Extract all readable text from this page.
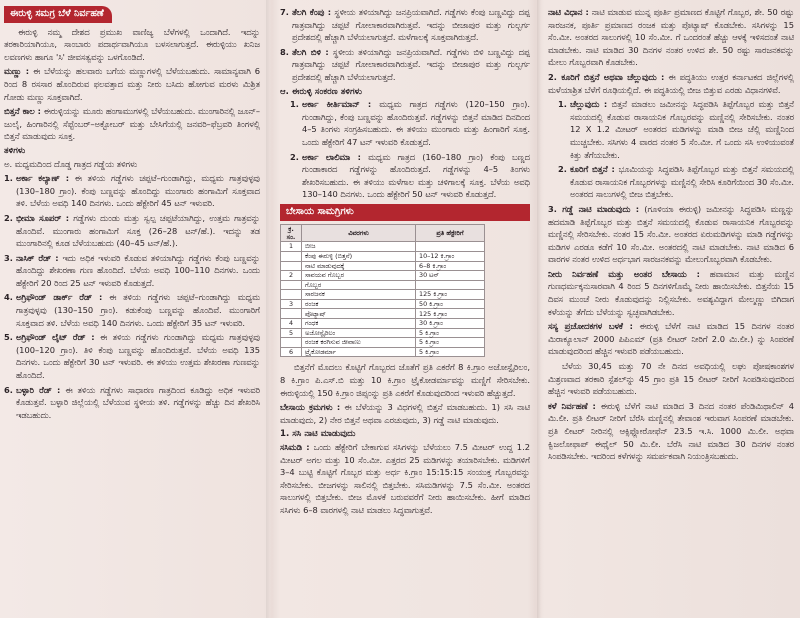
ಈರುಳ್ಳಿ ಸಮಗ್ರ ಬೆಳೆ ನಿರ್ವಹಣೆ

ಈರುಳ್ಳಿ ನಮ್ಮ ದೇಶದ ಪ್ರಮುಖ ವಾಣಿಜ್ಯ ಬೆಳೆಗಳಲ್ಲಿ ಒಂದಾಗಿದೆ. ಇದನ್ನು ತರಕಾರಿಯಾಗಿಯೂ, ಸಾಂಬಾರು ಪದಾರ್ಥವಾಗಿಯೂ ಬಳಸಲಾಗುತ್ತದೆ. ಈರುಳ್ಳಿಯು ಖನಿಜ ಲವಣಗಳು ಹಾಗೂ 'ಸಿ' ಜೀವಸತ್ವವನ್ನು ಒಳಗೊಂಡಿದೆ.

ಮಣ್ಣು : ಈ ಬೆಳೆಯನ್ನು ಹಲವಾರು ಬಗೆಯ ಮಣ್ಣುಗಳಲ್ಲಿ ಬೆಳೆಯಬಹುದು. ಸಾಮಾನ್ಯವಾಗಿ 6 ರಿಂದ 8 ರಸಸಾರ ಹೊಂದಿರುವ ಫಲವತ್ತಾದ ಮತ್ತು ನೀರು ಬಸಿದು ಹೋಗುವ ಮರಳು ಮಿಶ್ರಿತ ಗೋಡು ಮಣ್ಣು ಸೂಕ್ತವಾಗಿದೆ.

ಬಿತ್ತನೆ ಕಾಲ : ಈರುಳ್ಳಿಯನ್ನು ಮೂರು ಹಂಗಾಮುಗಳಲ್ಲಿ ಬೆಳೆಯಬಹುದು. ಮುಂಗಾರಿನಲ್ಲಿ ಜೂನ್–ಜುಲೈ, ಹಿಂಗಾರಿನಲ್ಲಿ ಸೆಪ್ಟೆಂಬರ್–ಅಕ್ಟೋಬರ್ ಮತ್ತು ಬೇಸಿಗೆಯಲ್ಲಿ ಜನವರಿ–ಫೆಬ್ರವರಿ ತಿಂಗಳಲ್ಲಿ ಬಿತ್ತನೆ ಮಾಡುವುದು ಸೂಕ್ತ.

ತಳಿಗಳು

ಅ. ಮಧ್ಯಮದಿಂದ ದೊಡ್ಡ ಗಾತ್ರದ ಗಡ್ಡೆಯ ತಳಿಗಳು

1. ಅರ್ಕಾ ಕಲ್ಯಾಣ್ : ಈ ತಳಿಯ ಗಡ್ಡೆಗಳು ಚಪ್ಪಟೆ–ಗುಂಡಾಗಿದ್ದು, ಮಧ್ಯಮ ಗಾತ್ರವುಳ್ಳವು (130–180 ಗ್ರಾಂ). ಕೆಂಪು ಬಣ್ಣವನ್ನು ಹೊಂದಿದ್ದು ಮುಂಗಾರು ಹಂಗಾಮಿಗೆ ಸೂಕ್ತವಾದ ತಳಿ. ಬೆಳೆಯ ಅವಧಿ 140 ದಿನಗಳು. ಒಂದು ಹೆಕ್ಟೇರಿಗೆ 45 ಟನ್ ಇಳುವರಿ.
2. ಭೀಮಾ ಸೂಪರ್ : ಗಡ್ಡೆಗಳು ದುಂಡು ಮತ್ತು ಸ್ವಲ್ಪ ಚಪ್ಪಟೆಯಾಗಿದ್ದು, ಉತ್ತಮ ಗಾತ್ರವನ್ನು ಹೊಂದಿವೆ. ಮುಂಗಾರು ಹಂಗಾಮಿಗೆ ಸೂಕ್ತ (26–28 ಟನ್/ಹೆ.). ಇದನ್ನು ತಡ ಮುಂಗಾರಿನಲ್ಲಿ ಕೂಡ ಬೆಳೆಯಬಹುದು (40–45 ಟನ್/ಹೆ.).
3. ನಾಸಿಕ್ ರೆಡ್ : ಇದು ಅಧಿಕ ಇಳುವರಿ ಕೊಡುವ ತಳಿಯಾಗಿದ್ದು ಗಡ್ಡೆಗಳು ಕೆಂಪು ಬಣ್ಣವನ್ನು ಹೊಂದಿದ್ದು ಶೇಖರಣಾ ಗುಣ ಹೊಂದಿದೆ. ಬೆಳೆಯ ಅವಧಿ 100–110 ದಿನಗಳು. ಒಂದು ಹೆಕ್ಟೇರಿಗೆ 20 ರಿಂದ 25 ಟನ್ ಇಳುವರಿ ಕೊಡುತ್ತದೆ.
4. ಅಗ್ರಿಫೌಂಡ್ ಡಾರ್ಕ್ ರೆಡ್ : ಈ ತಳಿಯ ಗಡ್ಡೆಗಳು ಚಪ್ಪಟೆ–ಗುಂಡಾಗಿದ್ದು ಮಧ್ಯಮ ಗಾತ್ರವುಳ್ಳವು (130–150 ಗ್ರಾಂ). ಕಡುಕೆಂಪು ಬಣ್ಣವನ್ನು ಹೊಂದಿವೆ. ಮುಂಗಾರಿಗೆ ಸೂಕ್ತವಾದ ತಳಿ. ಬೆಳೆಯ ಅವಧಿ 140 ದಿನಗಳು. ಒಂದು ಹೆಕ್ಟೇರಿಗೆ 35 ಟನ್ ಇಳುವರಿ.
5. ಅಗ್ರಿಫೌಂಡ್ ಲೈಟ್ ರೆಡ್ : ಈ ತಳಿಯ ಗಡ್ಡೆಗಳು ಗುಂಡಾಗಿದ್ದು ಮಧ್ಯಮ ಗಾತ್ರವುಳ್ಳವು (100–120 ಗ್ರಾಂ). ತಿಳಿ ಕೆಂಪು ಬಣ್ಣವನ್ನು ಹೊಂದಿರುತ್ತವೆ. ಬೆಳೆಯ ಅವಧಿ 135 ದಿನಗಳು. ಒಂದು ಹೆಕ್ಟೇರಿಗೆ 30 ಟನ್ ಇಳುವರಿ. ಈ ತಳಿಯು ಉತ್ತಮ ಶೇಖರಣಾ ಗುಣವನ್ನು ಹೊಂದಿದೆ.
6. ಬಳ್ಳಾರಿ ರೆಡ್ : ಈ ತಳಿಯ ಗಡ್ಡೆಗಳು ಸಾಧಾರಣ ಗಾತ್ರದಿಂದ ಕೂಡಿದ್ದು ಅಧಿಕ ಇಳುವರಿ ಕೊಡುತ್ತವೆ. ಬಳ್ಳಾರಿ ಜಿಲ್ಲೆಯಲ್ಲಿ ಬೆಳೆಯುವ ಸ್ಥಳೀಯ ತಳಿ. ಗಡ್ಡೆಗಳನ್ನು ಹೆಚ್ಚು ದಿನ ಶೇಖರಿಸಿ ಇಡಬಹುದು.
7. ತೆಲಗಿ ಕೆಂಪು : ಸ್ಥಳೀಯ ತಳಿಯಾಗಿದ್ದು ಜನಪ್ರಿಯವಾಗಿದೆ. ಗಡ್ಡೆಗಳು ಕೆಂಪು ಬಣ್ಣವಿದ್ದು ದಪ್ಪ ಗಾತ್ರವಾಗಿದ್ದು ಚಪ್ಪಟೆ ಗೋಲಾಕಾರವಾಗಿರುತ್ತವೆ. ಇದನ್ನು ಬೀಜಾಪುರ ಮತ್ತು ಗುಲ್ಬರ್ಗ ಪ್ರದೇಶದಲ್ಲಿ ಹೆಚ್ಚಾಗಿ ಬೆಳೆಯಲಾಗುತ್ತದೆ. ಮಳೆಗಾಲಕ್ಕೆ ಸೂಕ್ತವಾಗಿರುತ್ತದೆ.
8. ತೆಲಗಿ ಬಿಳಿ : ಸ್ಥಳೀಯ ತಳಿಯಾಗಿದ್ದು ಜನಪ್ರಿಯವಾಗಿದೆ. ಗಡ್ಡೆಗಳು ಬಿಳಿ ಬಣ್ಣವಿದ್ದು ದಪ್ಪ ಗಾತ್ರವಾಗಿದ್ದು ಚಪ್ಪಟೆ ಗೋಲಾಕಾರವಾಗಿರುತ್ತವೆ. ಇದನ್ನು ಬೀಜಾಪುರ ಮತ್ತು ಗುಲ್ಬರ್ಗ ಪ್ರದೇಶದಲ್ಲಿ ಹೆಚ್ಚಾಗಿ ಬೆಳೆಯಲಾಗುತ್ತದೆ.
ಆ. ಈರುಳ್ಳಿ ಸಂಕರಣ ತಳಿಗಳು
1. ಅರ್ಕಾ ಕೀರ್ತಿಮಾನ್ : ಮಧ್ಯಮ ಗಾತ್ರದ ಗಡ್ಡೆಗಳು (120–150 ಗ್ರಾಂ). ಗುಂಡಾಗಿದ್ದು, ಕೆಂಪು ಬಣ್ಣವನ್ನು ಹೊಂದಿರುತ್ತವೆ. ಗಡ್ಡೆಗಳನ್ನು ಬಿತ್ತನೆ ಮಾಡಿದ ದಿನದಿಂದ 4–5 ತಿಂಗಳು ಸಂಗ್ರಹಿಸಬಹುದು. ಈ ತಳಿಯು ಮುಂಗಾರು ಮತ್ತು ಹಿಂಗಾರಿಗೆ ಸೂಕ್ತ. ಒಂದು ಹೆಕ್ಟೇರಿಗೆ 47 ಟನ್ ಇಳುವರಿ ಕೊಡುತ್ತದೆ.
2. ಅರ್ಕಾ ಲಾಲಿಮಾ : ಮಧ್ಯಮ ಗಾತ್ರದ (160–180 ಗ್ರಾಂ) ಕೆಂಪು ಬಣ್ಣದ ಗುಂಡಾಕಾರದ ಗಡ್ಡೆಗಳನ್ನು ಹೊಂದಿರುತ್ತದೆ. ಗಡ್ಡೆಗಳನ್ನು 4–5 ತಿಂಗಳು ಶೇಖರಿಸಬಹುದು. ಈ ತಳಿಯು ಮಳೆಗಾಲ ಮತ್ತು ಚಳಿಗಾಲಕ್ಕೆ ಸೂಕ್ತ. ಬೆಳೆಯ ಅವಧಿ 130–140 ದಿನಗಳು. ಒಂದು ಹೆಕ್ಟೇರಿಗೆ 50 ಟನ್ ಇಳುವರಿ ಕೊಡುತ್ತದೆ.
ಬೇಸಾಯ ಸಾಮಗ್ರಿಗಳು
ಕ್ರ. ಸಂ.	ವಿವರಗಳು	ಪ್ರತಿ ಹೆಕ್ಟೇರಿಗೆ
1	ಬೀಜ	
	ಕೆಂಪು ಈರುಳ್ಳಿ (ಬಿತ್ತನೆ)	10–12 ಕಿ.ಗ್ರಾಂ
	ನಾಟಿ ಮಾಡುವುದಕ್ಕೆ	6–8 ಕಿ.ಗ್ರಾಂ
2	ಸಾವಯವ ಗೊಬ್ಬರ	30 ಟನ್
	ಗೊಬ್ಬರ	
	ಸಾರಜನಕ	125 ಕಿ.ಗ್ರಾಂ
3	ರಂಜಕ	50 ಕಿ.ಗ್ರಾಂ
	ಪೊಟ್ಯಾಷ್	125 ಕಿ.ಗ್ರಾಂ
4	ಗಂಧಕ	30 ಕಿ.ಗ್ರಾಂ
5	ಅಜೋಸ್ಪೈರಿಲಂ	5 ಕಿ.ಗ್ರಾಂ
	ರಂಜಕ ಕರಗಿಸುವ ಜೀವಾಣು	5 ಕಿ.ಗ್ರಾಂ
6	ಟ್ರೈಕೋಡರ್ಮಾ	5 ಕಿ.ಗ್ರಾಂ

ಬಿತ್ತನೆಗೆ ಮೊದಲು ಕೊಟ್ಟಿಗೆ ಗೊಬ್ಬರದ ಜೊತೆಗೆ ಪ್ರತಿ ಎಕರೆಗೆ 8 ಕಿ.ಗ್ರಾಂ ಅಜೋಸ್ಪೈರಿಲಂ, 8 ಕಿ.ಗ್ರಾಂ ಪಿ.ಎಸ್.ಬಿ ಮತ್ತು 10 ಕಿ.ಗ್ರಾಂ ಟ್ರೈಕೋಡರ್ಮಾವನ್ನು ಮಣ್ಣಿಗೆ ಸೇರಿಸಬೇಕು. ಈರುಳ್ಳಿಯಲ್ಲಿ 150 ಕಿ.ಗ್ರಾಂ ಜಿಪ್ಸಂನ್ನು ಪ್ರತಿ ಎಕರೆಗೆ ಕೊಡುವುದರಿಂದ ಇಳುವರಿ ಹೆಚ್ಚುತ್ತದೆ.

ಬೇಸಾಯ ಕ್ರಮಗಳು : ಈ ಬೆಳೆಯನ್ನು 3 ವಿಧಗಳಲ್ಲಿ ಬಿತ್ತನೆ ಮಾಡಬಹುದು. 1) ಸಸಿ ನಾಟಿ ಮಾಡುವುದು, 2) ನೇರ ಬಿತ್ತನೆ ಅಥವಾ ಎರಚುವುದು, 3) ಗಡ್ಡೆ ನಾಟಿ ಮಾಡುವುದು.

1. ಸಸಿ ನಾಟಿ ಮಾಡುವುದು

ಸಸಿಮಡಿ : ಒಂದು ಹೆಕ್ಟೇರಿಗೆ ಬೇಕಾಗುವ ಸಸಿಗಳನ್ನು ಬೆಳೆಯಲು 7.5 ಮೀಟರ್ ಉದ್ದ 1.2 ಮೀಟರ್ ಅಗಲ ಮತ್ತು 10 ಸೆಂ.ಮೀ. ಎತ್ತರದ 25 ಮಡಿಗಳನ್ನು ತಯಾರಿಸಬೇಕು. ಮಡಿಗಳಿಗೆ 3–4 ಬುಟ್ಟಿ ಕೊಟ್ಟಿಗೆ ಗೊಬ್ಬರ ಮತ್ತು ಅರ್ಧ ಕಿ.ಗ್ರಾಂ 15:15:15 ಸಂಯುಕ್ತ ಗೊಬ್ಬರವನ್ನು ಸೇರಿಸಬೇಕು. ಬೀಜಗಳನ್ನು ಸಾಲಿನಲ್ಲಿ ಬಿತ್ತಬೇಕು. ಸಸಿಮಡಿಗಳನ್ನು 7.5 ಸೆಂ.ಮೀ. ಅಂತರದ ಸಾಲುಗಳಲ್ಲಿ ಬಿತ್ತಬೇಕು. ಬೀಜ ಮೊಳಕೆ ಬರುವವರೆಗೆ ನೀರು ಹಾಯಿಸಬೇಕು. ಹೀಗೆ ಮಾಡಿದ ಸಸಿಗಳು 6–8 ವಾರಗಳಲ್ಲಿ ನಾಟಿ ಮಾಡಲು ಸಿದ್ಧವಾಗುತ್ತವೆ.

ನಾಟಿ ವಿಧಾನ : ನಾಟಿ ಮಾಡುವ ಮುನ್ನ ಪೂರ್ತಿ ಪ್ರಮಾಣದ ಕೊಟ್ಟಿಗೆ ಗೊಬ್ಬರ, ಶೇ. 50 ರಷ್ಟು ಸಾರಜನಕ, ಪೂರ್ತಿ ಪ್ರಮಾಣದ ರಂಜಕ ಮತ್ತು ಪೊಟ್ಯಾಷ್ ಕೊಡಬೇಕು. ಸಸಿಗಳನ್ನು 15 ಸೆಂ.ಮೀ. ಅಂತರದ ಸಾಲುಗಳಲ್ಲಿ 10 ಸೆಂ.ಮೀ. ಗೆ ಒಂದರಂತೆ ಹೆಚ್ಚು ಆಳಕ್ಕೆ ಇಳಿಸದಂತೆ ನಾಟಿ ಮಾಡಬೇಕು. ನಾಟಿ ಮಾಡಿದ 30 ದಿನಗಳ ನಂತರ ಉಳಿದ ಶೇ. 50 ರಷ್ಟು ಸಾರಜನಕವನ್ನು ಮೇಲು ಗೊಬ್ಬರವಾಗಿ ಕೊಡಬೇಕು.

2. ಕೂರಿಗೆ ಬಿತ್ತನೆ ಅಥವಾ ಚೆಲ್ಲುವುದು : ಈ ಪದ್ಧತಿಯು ಉತ್ತರ ಕರ್ನಾಟಕದ ಜಿಲ್ಲೆಗಳಲ್ಲಿ ಮಳೆಯಾಶ್ರಿತ ಬೆಳೆಗೆ ರೂಢಿಯಲ್ಲಿದೆ. ಈ ಪದ್ಧತಿಯಲ್ಲಿ ಬೀಜ ಬಿತ್ತುವ ಎರಡು ವಿಧಾನಗಳಿವೆ.

1. ಚೆಲ್ಲುವುದು : ಬಿತ್ತನೆ ಮಾಡಲು ಜಮೀನನ್ನು ಸಿದ್ಧಪಡಿಸಿ ತಿಪ್ಪೆಗೊಬ್ಬರ ಮತ್ತು ಬಿತ್ತನೆ ಸಮಯದಲ್ಲಿ ಕೊಡುವ ರಾಸಾಯನಿಕ ಗೊಬ್ಬರವನ್ನು ಮಣ್ಣಿನಲ್ಲಿ ಸೇರಿಸಬೇಕು. ನಂತರ 12 X 1.2 ಮೀಟರ್ ಅಂತರದ ಮಡಿಗಳನ್ನು ಮಾಡಿ ಬೀಜ ಚೆಲ್ಲಿ ಮಣ್ಣಿನಿಂದ ಮುಚ್ಚಬೇಕು. ಸಸಿಗಳು 4 ವಾರದ ನಂತರ 5 ಸೆಂ.ಮೀ. ಗೆ ಒಂದು ಸಸಿ ಉಳಿಯುವಂತೆ ಕಿತ್ತು ತೆಗೆಯಬೇಕು.
2. ಕೂರಿಗೆ ಬಿತ್ತನೆ : ಭೂಮಿಯನ್ನು ಸಿದ್ಧಪಡಿಸಿ ತಿಪ್ಪೆಗೊಬ್ಬರ ಮತ್ತು ಬಿತ್ತನೆ ಸಮಯದಲ್ಲಿ ಕೊಡುವ ರಾಸಾಯನಿಕ ಗೊಬ್ಬರಗಳನ್ನು ಮಣ್ಣಿನಲ್ಲಿ ಸೇರಿಸಿ ಕೂರಿಗೆಯಿಂದ 30 ಸೆಂ.ಮೀ. ಅಂತರದ ಸಾಲುಗಳಲ್ಲಿ ಬೀಜ ಬಿತ್ತಬೇಕು.

3. ಗಡ್ಡೆ ನಾಟಿ ಮಾಡುವುದು : (ಗೂಳಿಯಾ ಈರುಳ್ಳಿ) ಜಮೀನನ್ನು ಸಿದ್ಧಪಡಿಸಿ ಮಣ್ಣನ್ನು ಹದಮಾಡಿ ತಿಪ್ಪೆಗೊಬ್ಬರ ಮತ್ತು ಬಿತ್ತನೆ ಸಮಯದಲ್ಲಿ ಕೊಡುವ ರಾಸಾಯನಿಕ ಗೊಬ್ಬರವನ್ನು ಮಣ್ಣಿನಲ್ಲಿ ಸೇರಿಸಬೇಕು. ನಂತರ 15 ಸೆಂ.ಮೀ. ಅಂತರದ ಏರುಮಡಿಗಳನ್ನು ಮಾಡಿ ಗಡ್ಡೆಗಳನ್ನು ಮಡಿಗಳ ಎರಡೂ ಕಡೆಗೆ 10 ಸೆಂ.ಮೀ. ಅಂತರದಲ್ಲಿ ನಾಟಿ ಮಾಡಬೇಕು. ನಾಟಿ ಮಾಡಿದ 6 ವಾರಗಳ ನಂತರ ಉಳಿದ ಅರ್ಧಭಾಗ ಸಾರಜನಕವನ್ನು ಮೇಲುಗೊಬ್ಬರವಾಗಿ ಕೊಡಬೇಕು.

ನೀರು ನಿರ್ವಹಣೆ ಮತ್ತು ಅಂತರ ಬೇಸಾಯ : ಹವಾಮಾನ ಮತ್ತು ಮಣ್ಣಿನ ಗುಣಧರ್ಮಕ್ಕನುಸಾರವಾಗಿ 4 ರಿಂದ 5 ದಿನಗಳಿಗೊಮ್ಮೆ ನೀರು ಹಾಯಿಸಬೇಕು. ಬಿತ್ತನೆಯ 15 ದಿವಸ ಮುಂಚೆ ನೀರು ಕೊಡುವುದನ್ನು ನಿಲ್ಲಿಸಬೇಕು. ಅವಶ್ಯವಿದ್ದಾಗ ಮೇಲ್ಮಣ್ಣು ಬಿಗಿದಾಗ ಕಳೆಯನ್ನು ತೆಗೆದು ಬೆಳೆಯನ್ನು ಸ್ವಚ್ಛವಾಗಿಡಬೇಕು.

ಸಸ್ಯ ಪ್ರಚೋದಕಗಳ ಬಳಕೆ : ಈರುಳ್ಳಿ ಬೆಳೆಗೆ ನಾಟಿ ಮಾಡಿದ 15 ದಿನಗಳ ನಂತರ ಮಿರಾಕ್ಯೂಲಾನ್ 2000 ಪಿಪಿಎಮ್ (ಪ್ರತಿ ಲೀಟರ್ ನೀರಿಗೆ 2.0 ಮಿ.ಲೀ.) ನ್ನು ಸಿಂಪರಣೆ ಮಾಡುವುದರಿಂದ ಹೆಚ್ಚಿನ ಇಳುವರಿ ಪಡೆಯಬಹುದು.

ಬೆಳೆಯ 30,45 ಮತ್ತು 70 ನೇ ದಿನದ ಅವಧಿಯಲ್ಲಿ ಲಘು ಪೋಷಕಾಂಶಗಳ ಮಿಶ್ರಣವಾದ ತರಕಾರಿ ಸ್ಪೆಶಲ್‌ನ್ನು 45 ಗ್ರಾಂ ಪ್ರತಿ 15 ಲೀಟರ್ ನೀರಿಗೆ ಸಿಂಪಡಿಸುವುದರಿಂದ ಹೆಚ್ಚಿನ ಇಳುವರಿ ಪಡೆಯಬಹುದು.

ಕಳೆ ನಿರ್ವಹಣೆ : ಈರುಳ್ಳಿ ಬೆಳೆಗೆ ನಾಟಿ ಮಾಡಿದ 3 ದಿನದ ನಂತರ ಪೆಂಡಿಮಿಥಾಲಿನ್ 4 ಮಿ.ಲೀ. ಪ್ರತಿ ಲೀಟರ್ ನೀರಿಗೆ ಬೆರೆಸಿ ಮಣ್ಣಿನಲ್ಲಿ ತೇವಾಂಶ ಇರುವಾಗ ಸಿಂಪರಣೆ ಮಾಡಬೇಕು. ಪ್ರತಿ ಲೀಟರ್ ನೀರಿನಲ್ಲಿ ಆಕ್ಸಿಫ್ಲೋರೋಫೆನ್ 23.5 ಇ.ಸಿ. 1000 ಮಿ.ಲೀ. ಅಥವಾ ಕ್ವಿಜಲೋಫಾಪ್ ಈಥೈಲ್ 50 ಮಿ.ಲೀ. ಬೆರೆಸಿ ನಾಟಿ ಮಾಡಿದ 30 ದಿನಗಳ ನಂತರ ಸಿಂಪಡಿಸಬೇಕು. ಇದರಿಂದ ಕಳೆಗಳನ್ನು ಸಮರ್ಪಕವಾಗಿ ನಿಯಂತ್ರಿಸಬಹುದು.
